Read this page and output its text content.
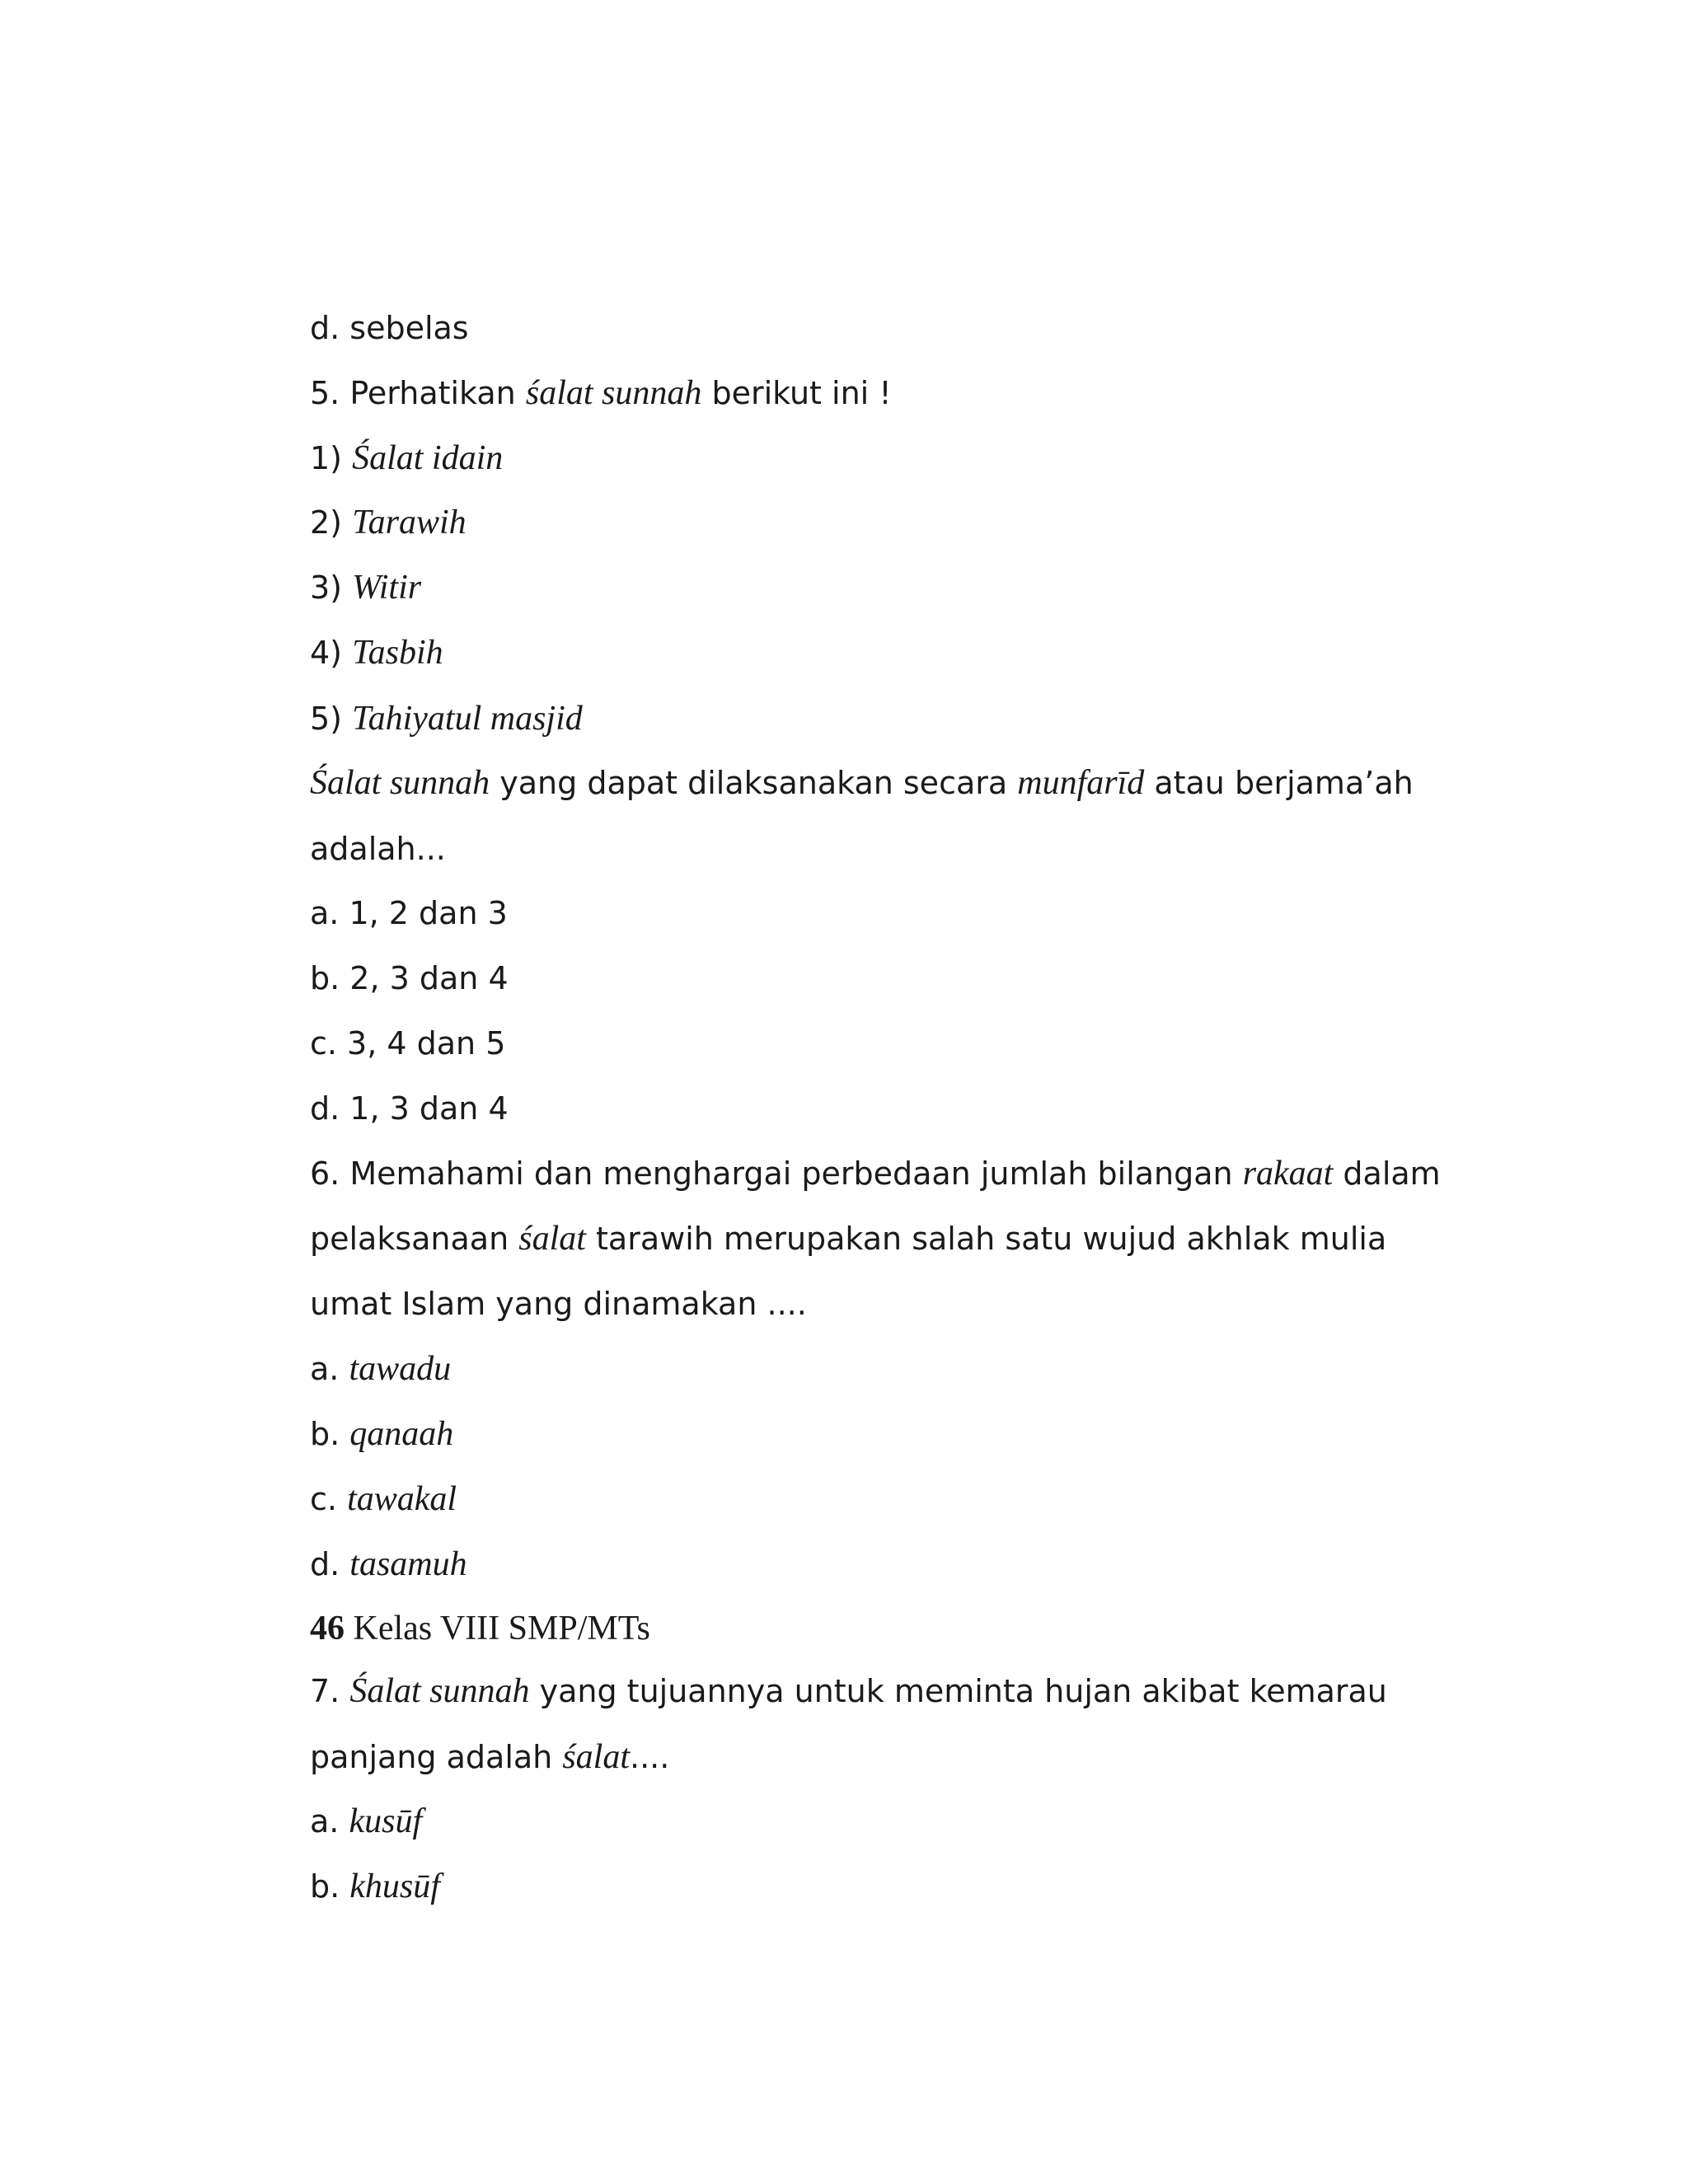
d. sebelas
5. Perhatikan śalat sunnah berikut ini !
1) Śalat idain
2) Tarawih
3) Witir
4) Tasbih
5) Tahiyatul masjid
Śalat sunnah yang dapat dilaksanakan secara munfarīd atau berjama’ah
adalah...
a. 1, 2 dan 3
b. 2, 3 dan 4
c. 3, 4 dan 5
d. 1, 3 dan 4
6. Memahami dan menghargai perbedaan jumlah bilangan rakaat dalam
pelaksanaan śalat tarawih merupakan salah satu wujud akhlak mulia
umat Islam yang dinamakan ....
a. tawadu
b. qanaah
c. tawakal
d. tasamuh
46 Kelas VIII SMP/MTs
7. Śalat sunnah yang tujuannya untuk meminta hujan akibat kemarau
panjang adalah śalat....
a. kusūf
b. khusūf
